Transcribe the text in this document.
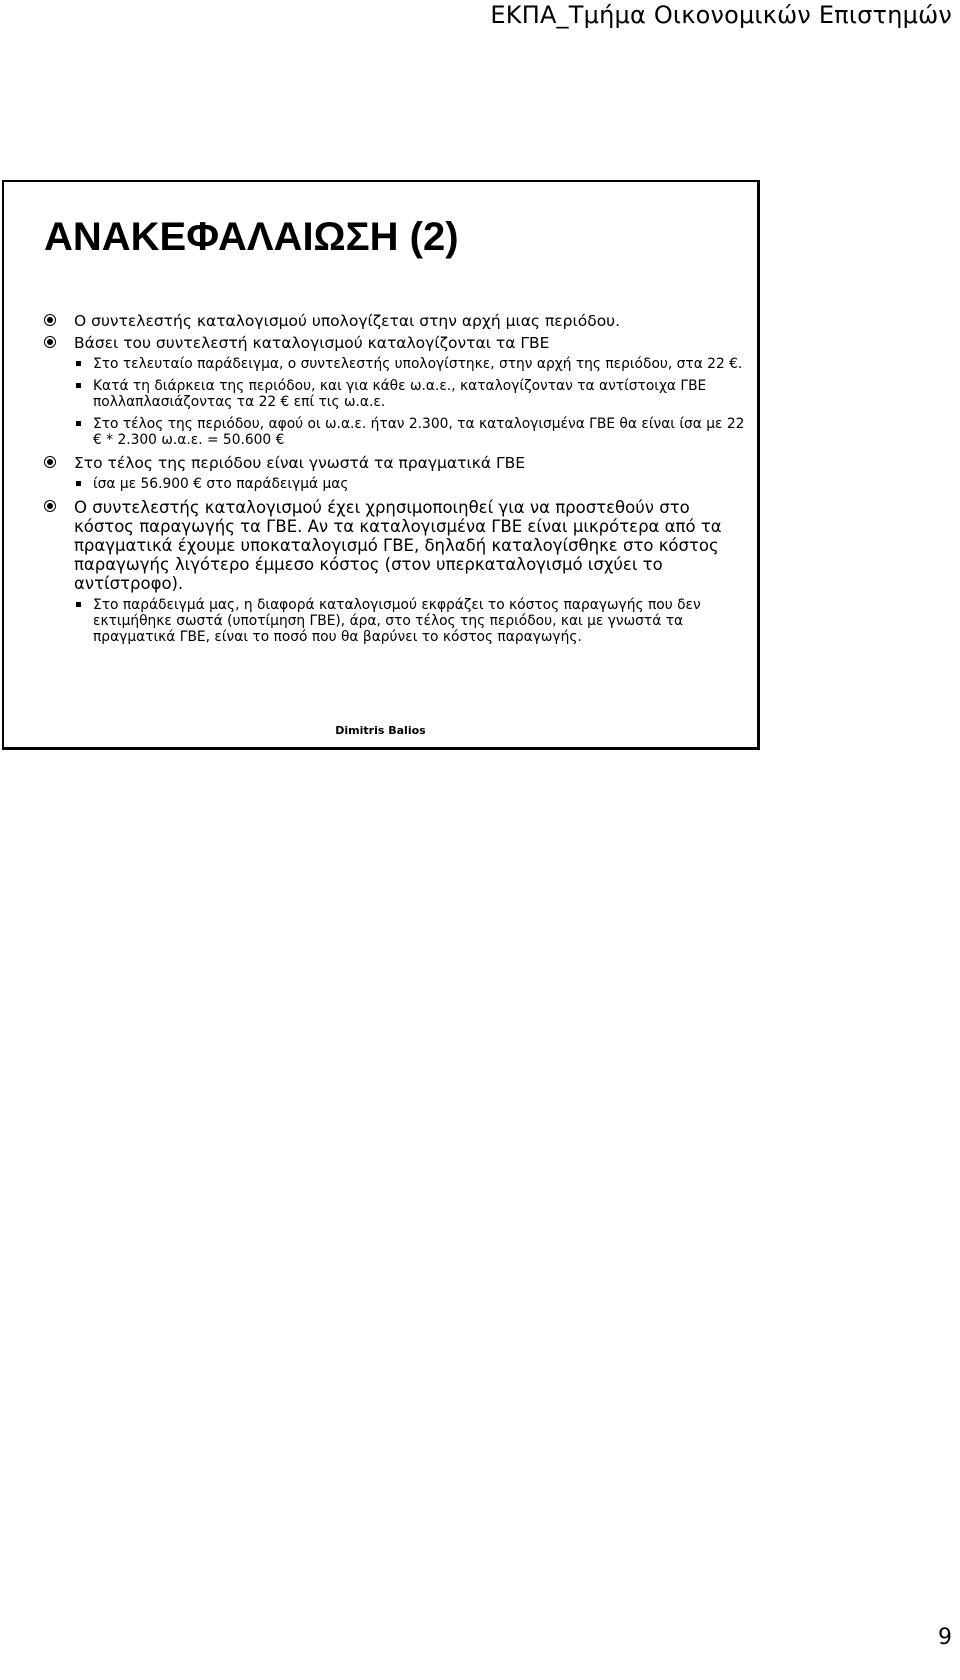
ΕΚΠΑ_Τμήμα Οικονομικών Επιστημών
ΑΝΑΚΕΦΑΛΑΙΩΣΗ (2)
Ο συντελεστής καταλογισμού υπολογίζεται στην αρχή μιας περιόδου.
Βάσει του συντελεστή καταλογισμού καταλογίζονται τα ΓΒΕ
Στο τελευταίο παράδειγμα, ο συντελεστής υπολογίστηκε, στην αρχή της περιόδου, στα 22 €.
Κατά τη διάρκεια της περιόδου, και για κάθε ω.α.ε., καταλογίζονταν τα αντίστοιχα ΓΒΕ πολλαπλασιάζοντας τα 22 € επί τις ω.α.ε.
Στο τέλος της περιόδου, αφού οι ω.α.ε. ήταν 2.300, τα καταλογισμένα ΓΒΕ θα είναι ίσα με 22 € * 2.300 ω.α.ε. = 50.600 €
Στο τέλος της περιόδου είναι γνωστά τα πραγματικά ΓΒΕ
ίσα με 56.900 € στο παράδειγμά μας
Ο συντελεστής καταλογισμού έχει χρησιμοποιηθεί για να προστεθούν στο κόστος παραγωγής τα ΓΒΕ. Αν τα καταλογισμένα ΓΒΕ είναι μικρότερα από τα πραγματικά έχουμε υποκαταλογισμό ΓΒΕ, δηλαδή καταλογίσθηκε στο κόστος παραγωγής λιγότερο έμμεσο κόστος (στον υπερκαταλογισμό ισχύει το αντίστροφο).
Στο παράδειγμά μας, η διαφορά καταλογισμού εκφράζει το κόστος παραγωγής που δεν εκτιμήθηκε σωστά (υποτίμηση ΓΒΕ), άρα, στο τέλος της περιόδου, και με γνωστά τα πραγματικά ΓΒΕ, είναι το ποσό που θα βαρύνει το κόστος παραγωγής.
Dimitris Balios
9
